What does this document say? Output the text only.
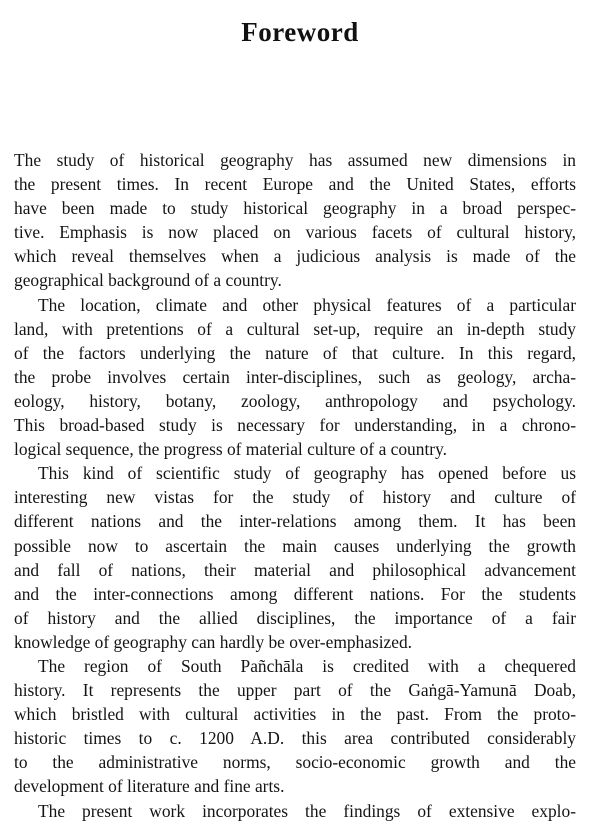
Foreword
The study of historical geography has assumed new dimensions in
the present times. In recent Europe and the United States, efforts
have been made to study historical geography in a broad perspec-
tive. Emphasis is now placed on various facets of cultural history,
which reveal themselves when a judicious analysis is made of the
geographical background of a country.
The location, climate and other physical features of a particular
land, with pretentions of a cultural set-up, require an in-depth study
of the factors underlying the nature of that culture. In this regard,
the probe involves certain inter-disciplines, such as geology, archa-
eology, history, botany, zoology, anthropology and psychology.
This broad-based study is necessary for understanding, in a chrono-
logical sequence, the progress of material culture of a country.
This kind of scientific study of geography has opened before us
interesting new vistas for the study of history and culture of
different nations and the inter-relations among them. It has been
possible now to ascertain the main causes underlying the growth
and fall of nations, their material and philosophical advancement
and the inter-connections among different nations. For the students
of history and the allied disciplines, the importance of a fair
knowledge of geography can hardly be over-emphasized.
The region of South Pañchāla is credited with a chequered
history. It represents the upper part of the Gaṅgā-Yamunā Doab,
which bristled with cultural activities in the past. From the proto-
historic times to c. 1200 A.D. this area contributed considerably
to the administrative norms, socio-economic growth and the
development of literature and fine arts.
The present work incorporates the findings of extensive explo-
